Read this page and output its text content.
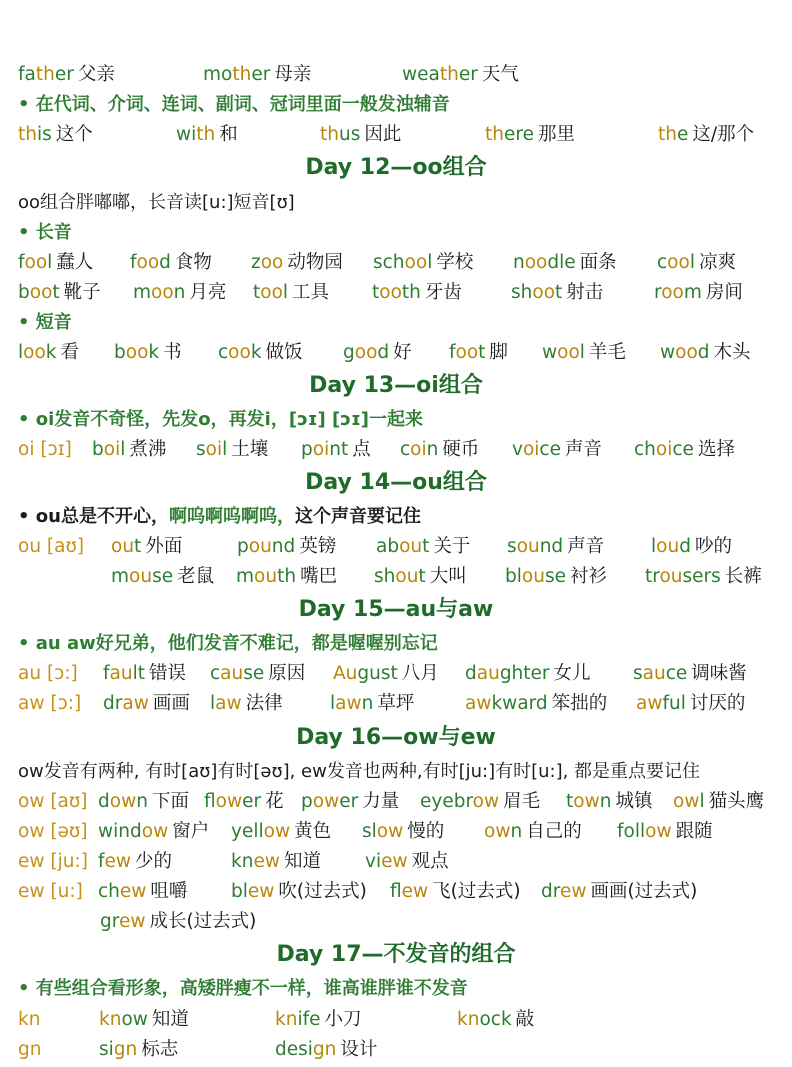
father 父亲	mother 母亲	weather 天气
• 在代词、介词、连词、副词、冠词里面一般发浊辅音
this 这个	with 和	thus 因此	there 那里	the 这/那个
Day 12—oo组合
oo组合胖嘟嘟，长音读[u:]短音[ʊ]
• 长音
fool 蠢人 food 食物 zoo 动物园 school 学校 noodle 面条 cool 凉爽
boot 靴子 moon 月亮 tool 工具 tooth 牙齿	shoot 射击	room 房间
• 短音
look 看 book 书 cook 做饭 good 好 foot 脚 wool 羊毛 wood 木头
Day 13—oi组合
• oi发音不奇怪，先发o，再发i，[ɔɪ] [ɔɪ]一起来
oi [ɔɪ] boil 煮沸 soil 土壤 point 点 coin 硬币 voice 声音 choice 选择
Day 14—ou组合
• ou总是不开心，啊呜啊呜啊呜，这个声音要记住
ou [aʊ] out 外面	pound 英镑 about 关于 sound 声音	loud 吵的
mouse 老鼠 mouth 嘴巴 shout 大叫 blouse 衬衫 trousers 长裤
Day 15—au与aw
• au aw好兄弟，他们发音不难记，都是喔喔别忘记
au [ɔ:] fault 错误 cause 原因 August 八月 daughter 女儿 sauce 调味酱
aw [ɔ:] draw 画画 law 法律	lawn 草坪	awkward 笨拙的 awful 讨厌的
Day 16—ow与ew
ow发音有两种, 有时[aʊ]有时[əʊ], ew发音也两种,有时[ju:]有时[u:], 都是重点要记住
ow [aʊ] down 下面 flower 花 power 力量 eyebrow 眉毛 town 城镇 owl 猫头鹰
ow [əʊ] window 窗户 yellow 黄色 slow 慢的 own 自己的 follow 跟随
ew [ju:] few 少的	knew 知道 view 观点
ew [u:] chew 咀嚼 blew 吹(过去式) flew 飞(过去式) drew 画画(过去式)
grew 成长(过去式)
Day 17—不发音的组合
• 有些组合看形象，高矮胖瘦不一样，谁高谁胖谁不发音
kn	know 知道	knife 小刀	knock 敲
gn	sign 标志	design 设计
